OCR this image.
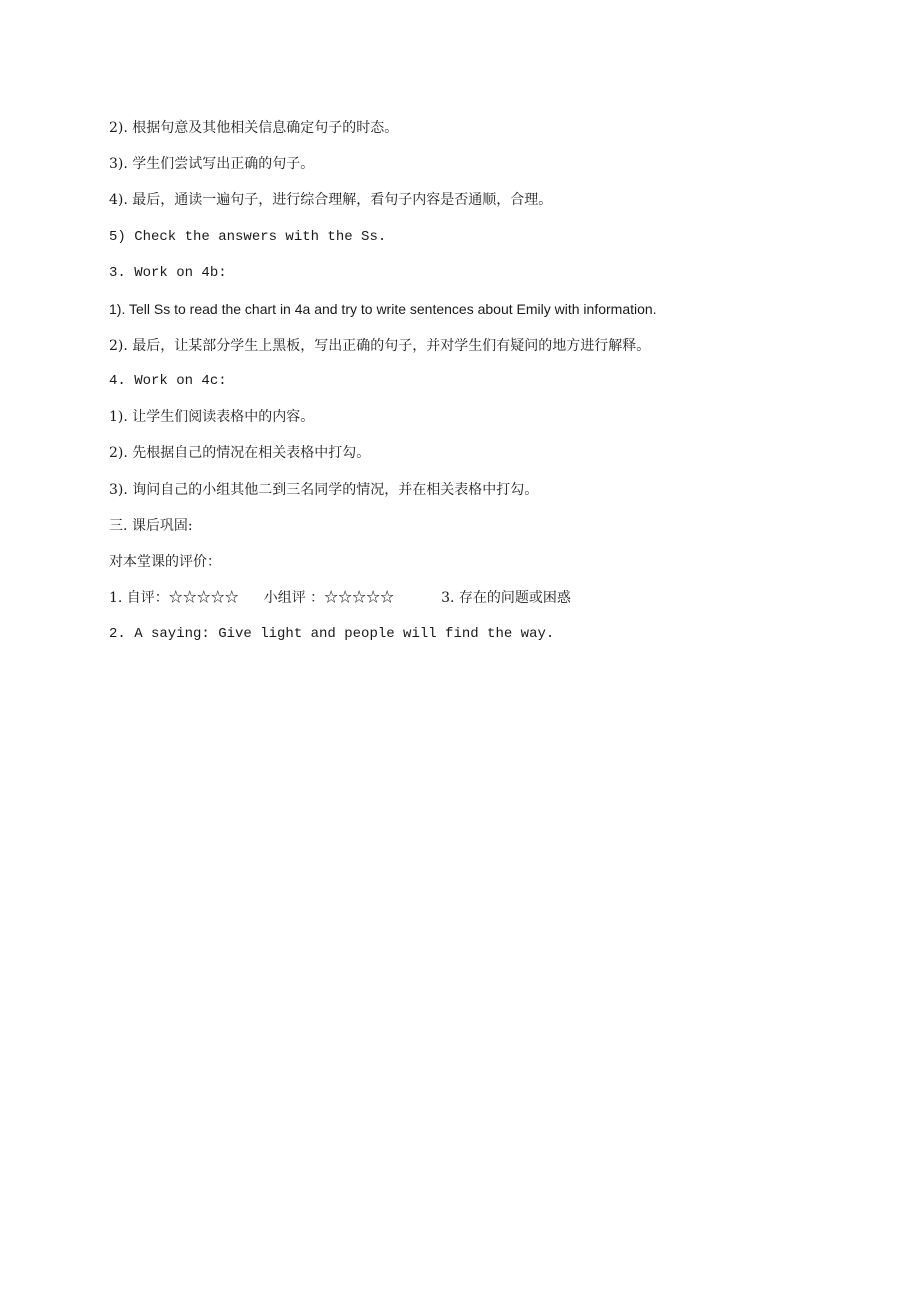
2). 根据句意及其他相关信息确定句子的时态。
3). 学生们尝试写出正确的句子。
4). 最后，通读一遍句子，进行综合理解，看句子内容是否通顺，合理。
5) Check the answers with the Ss.
3. Work on 4b:
1). Tell Ss to read the chart in 4a and try to write sentences about Emily with information.
2). 最后，让某部分学生上黑板，写出正确的句子，并对学生们有疑问的地方进行解释。
4. Work on 4c:
1). 让学生们阅读表格中的内容。
2). 先根据自己的情况在相关表格中打勾。
3). 询问自己的小组其他二到三名同学的情况，并在相关表格中打勾。
三. 课后巩固:
对本堂课的评价：
1. 自评：☆☆☆☆☆ 小组评 ：☆☆☆☆☆	3. 存在的问题或困惑
2. A saying: Give light and people will find the way.
